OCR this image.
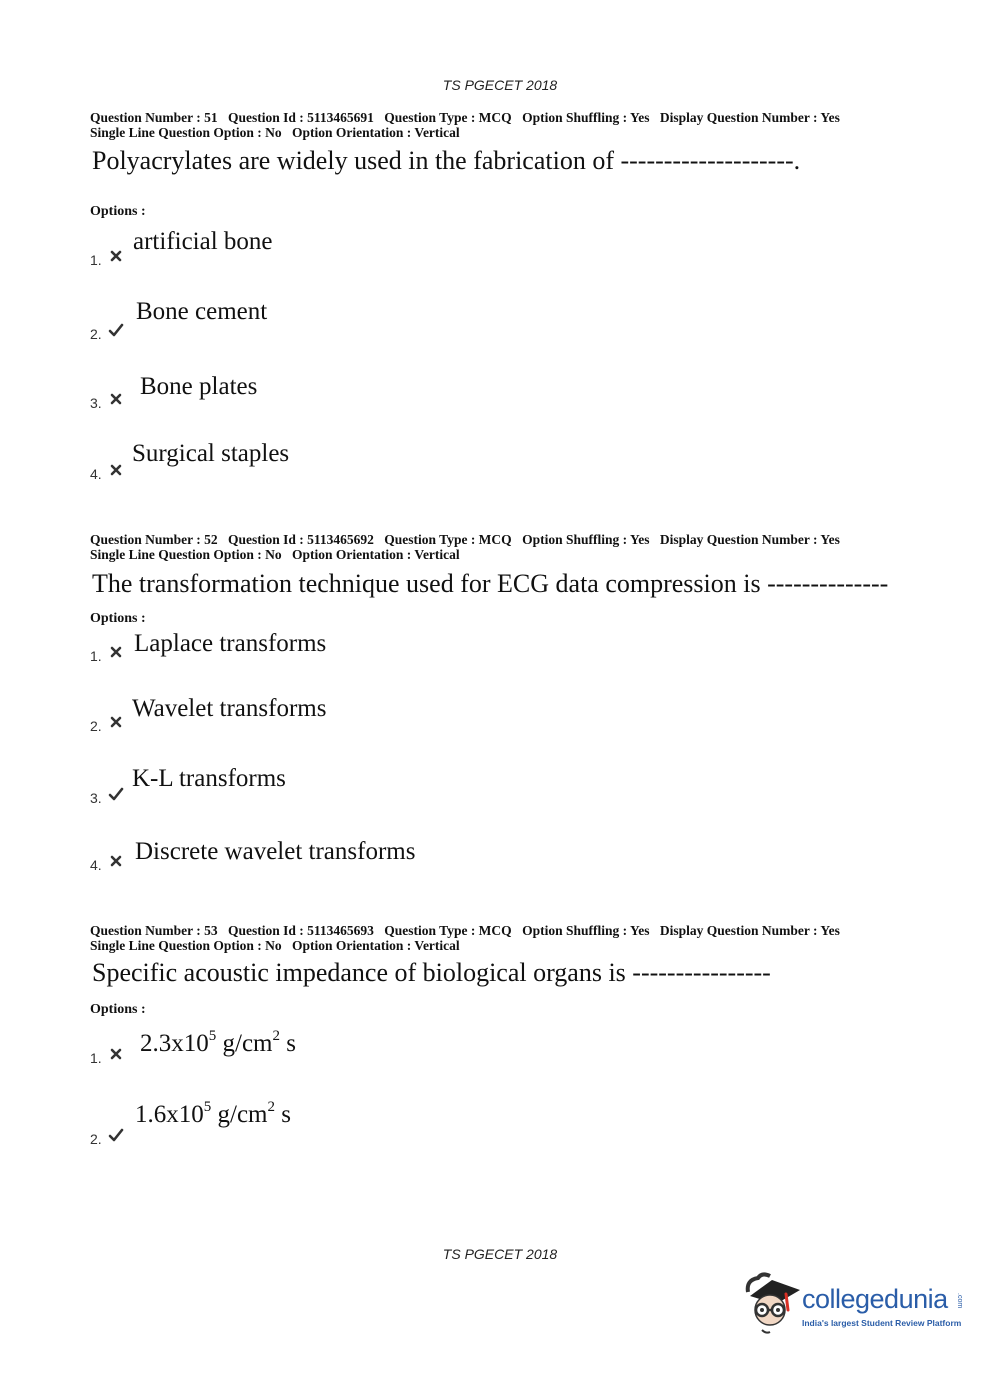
TS PGECET 2018
Question Number : 51 Question Id : 5113465691 Question Type : MCQ Option Shuffling : Yes Display Question Number : Yes
Single Line Question Option : No Option Orientation : Vertical
Polyacrylates are widely used in the fabrication of --------------------.
Options :
1.
artificial bone
2.
Bone cement
3.
Bone plates
4.
Surgical staples
Question Number : 52 Question Id : 5113465692 Question Type : MCQ Option Shuffling : Yes Display Question Number : Yes
Single Line Question Option : No Option Orientation : Vertical
The transformation technique used for ECG data compression is --------------
Options :
1. Laplace transforms
2.
Wavelet transforms
3.
K-L transforms
4. Discrete wavelet transforms
Question Number : 53 Question Id : 5113465693 Question Type : MCQ Option Shuffling : Yes Display Question Number : Yes
Single Line Question Option : No Option Orientation : Vertical
Specific acoustic impedance of biological organs is ----------------
Options :
1.
$2.3x10^5$ $g/cm^2$ s
2.
$1.6x10^5$ $g/cm^2$ s
TS PGECET 2018
collegedunia .com
India's largest Student Review Platform
